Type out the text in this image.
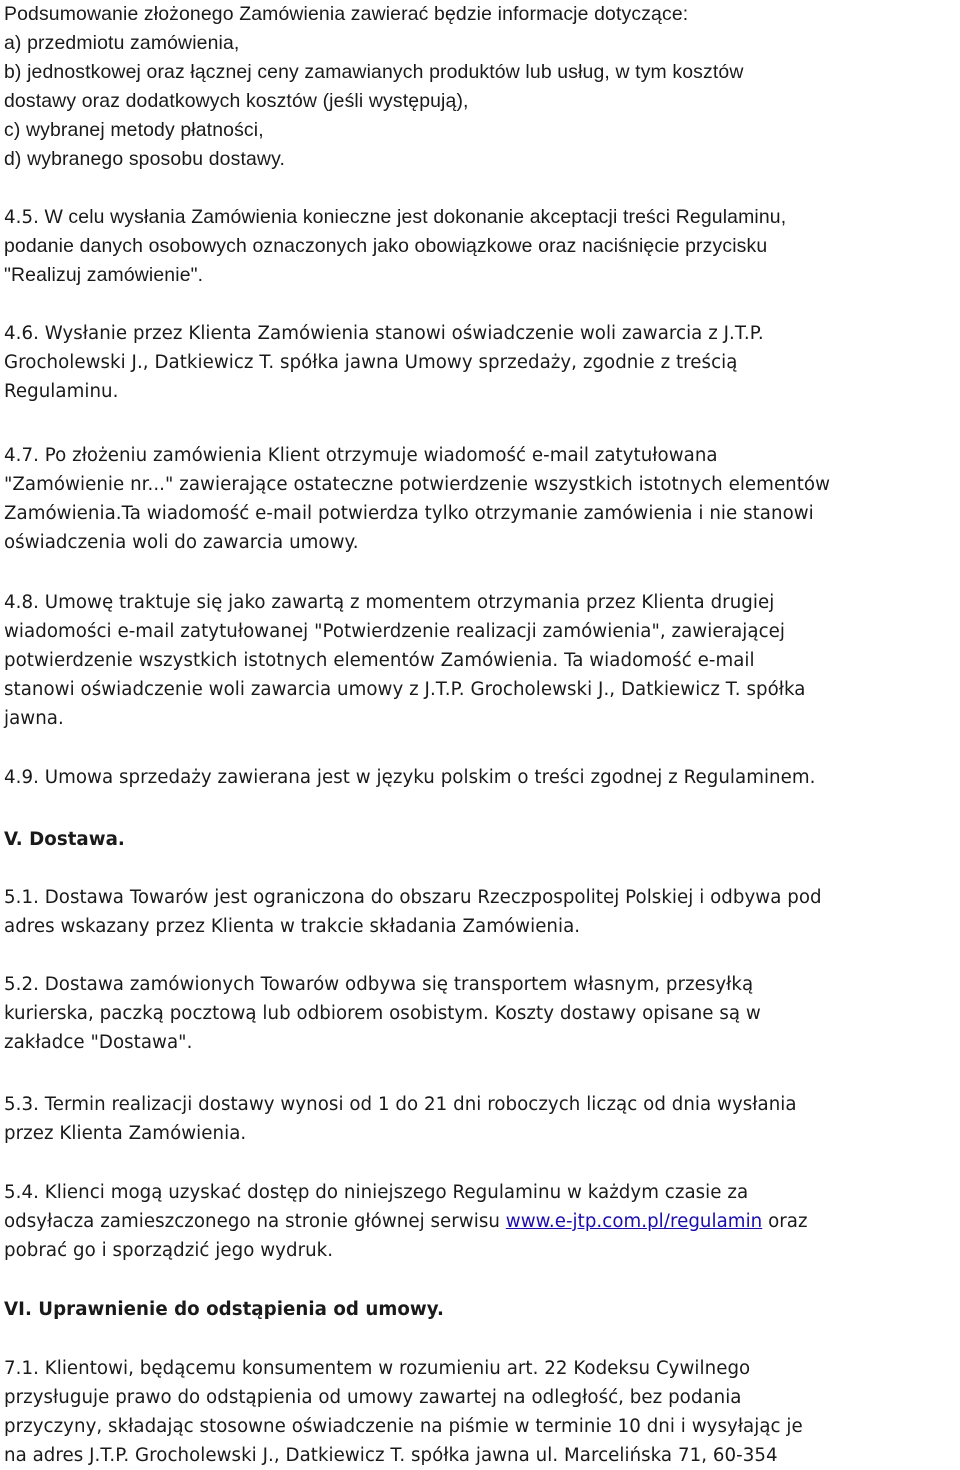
Podsumowanie złożonego Zamówienia zawierać będzie informacje dotyczące:
a) przedmiotu zamówienia,
b) jednostkowej oraz łącznej ceny zamawianych produktów lub usług, w tym kosztów
dostawy oraz dodatkowych kosztów (jeśli występują),
c) wybranej metody płatności,
d) wybranego sposobu dostawy.
4.5. W celu wysłania Zamówienia konieczne jest dokonanie akceptacji treści Regulaminu,
podanie danych osobowych oznaczonych jako obowiązkowe oraz naciśnięcie przycisku
"Realizuj zamówienie".
4.6. Wysłanie przez Klienta Zamówienia stanowi oświadczenie woli zawarcia z J.T.P.
Grocholewski J., Datkiewicz T. spółka jawna Umowy sprzedaży, zgodnie z treścią
Regulaminu.
4.7. Po złożeniu zamówienia Klient otrzymuje wiadomość e-mail zatytułowana
"Zamówienie nr..." zawierające ostateczne potwierdzenie wszystkich istotnych elementów
Zamówienia.Ta wiadomość e-mail potwierdza tylko otrzymanie zamówienia i nie stanowi
oświadczenia woli do zawarcia umowy.
4.8. Umowę traktuje się jako zawartą z momentem otrzymania przez Klienta drugiej
wiadomości e-mail zatytułowanej "Potwierdzenie realizacji zamówienia", zawierającej
potwierdzenie wszystkich istotnych elementów Zamówienia. Ta wiadomość e-mail
stanowi oświadczenie woli zawarcia umowy z J.T.P. Grocholewski J., Datkiewicz T. spółka
jawna.
4.9. Umowa sprzedaży zawierana jest w języku polskim o treści zgodnej z Regulaminem.
V. Dostawa.
5.1. Dostawa Towarów jest ograniczona do obszaru Rzeczpospolitej Polskiej i odbywa pod
adres wskazany przez Klienta w trakcie składania Zamówienia.
5.2. Dostawa zamówionych Towarów odbywa się transportem własnym, przesyłką
kurierska, paczką pocztową lub odbiorem osobistym. Koszty dostawy opisane są w
zakładce "Dostawa".
5.3. Termin realizacji dostawy wynosi od 1 do 21 dni roboczych licząc od dnia wysłania
przez Klienta Zamówienia.
5.4. Klienci mogą uzyskać dostęp do niniejszego Regulaminu w każdym czasie za
odsyłacza zamieszczonego na stronie głównej serwisu www.e-jtp.com.pl/regulamin oraz
pobrać go i sporządzić jego wydruk.
VI. Uprawnienie do odstąpienia od umowy.
7.1. Klientowi, będącemu konsumentem w rozumieniu art. 22 Kodeksu Cywilnego
przysługuje prawo do odstąpienia od umowy zawartej na odległość, bez podania
przyczyny, składając stosowne oświadczenie na piśmie w terminie 10 dni i wysyłając je
na adres J.T.P. Grocholewski J., Datkiewicz T. spółka jawna ul. Marcelińska 71, 60-354
